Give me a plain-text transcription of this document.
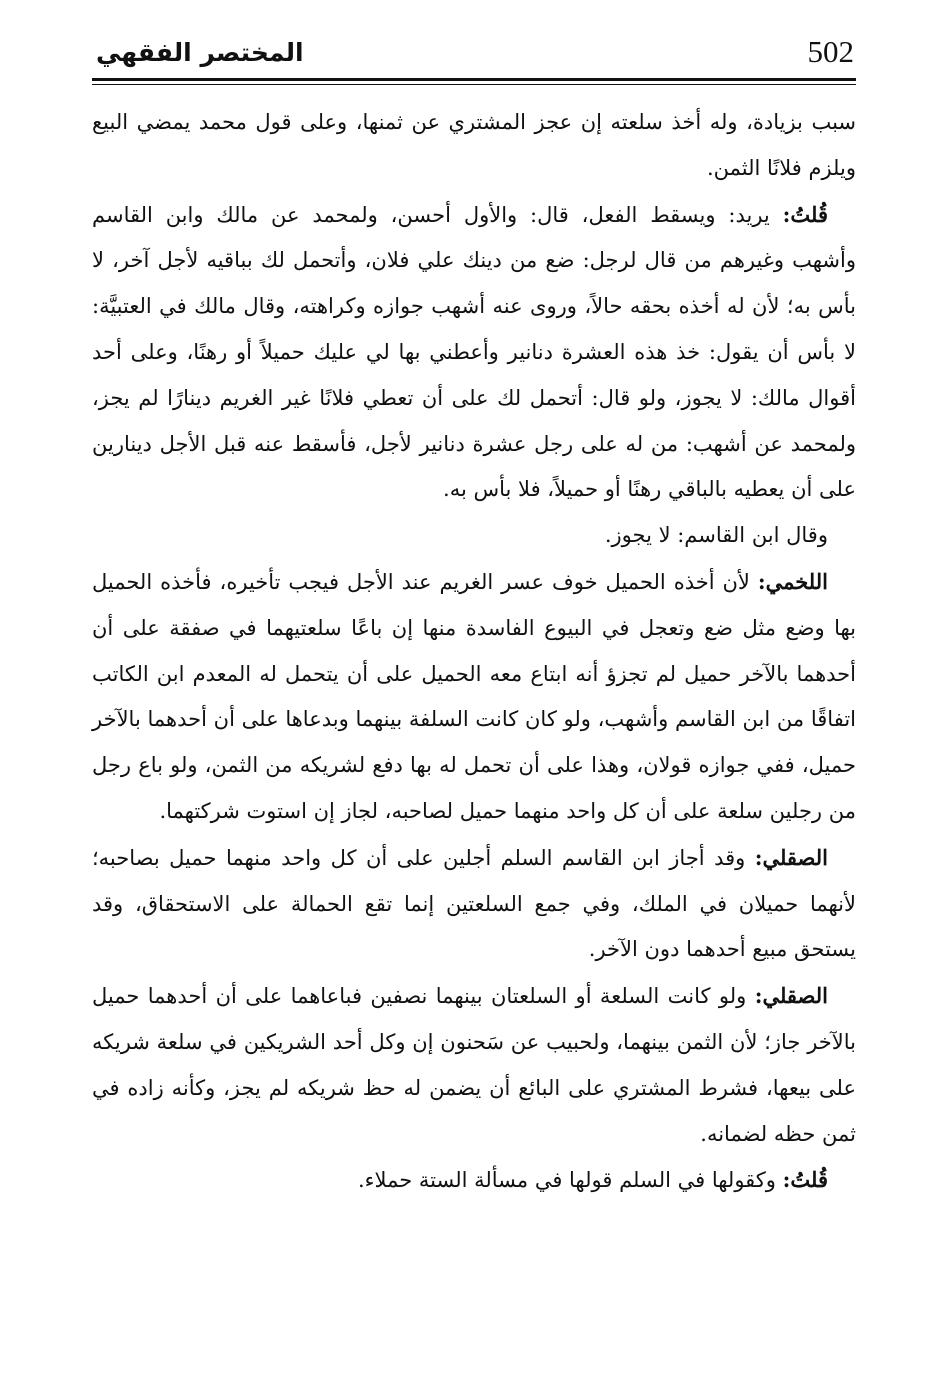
502
المختصر الفقهي

سبب بزيادة، وله أخذ سلعته إن عجز المشتري عن ثمنها، وعلى قول محمد يمضي البيع ويلزم فلانًا الثمن.

قُلتُ: يريد: ويسقط الفعل، قال: والأول أحسن، ولمحمد عن مالك وابن القاسم وأشهب وغيرهم من قال لرجل: ضع من دينك علي فلان، وأتحمل لك بباقيه لأجل آخر، لا بأس به؛ لأن له أخذه بحقه حالاً، وروى عنه أشهب جوازه وكراهته، وقال مالك في العتبيَّة: لا بأس أن يقول: خذ هذه العشرة دنانير وأعطني بها لي عليك حميلاً أو رهنًا، وعلى أحد أقوال مالك: لا يجوز، ولو قال: أتحمل لك على أن تعطي فلانًا غير الغريم دينارًا لم يجز، ولمحمد عن أشهب: من له على رجل عشرة دنانير لأجل، فأسقط عنه قبل الأجل دينارين على أن يعطيه بالباقي رهنًا أو حميلاً، فلا بأس به.

وقال ابن القاسم: لا يجوز.

اللخمي: لأن أخذه الحميل خوف عسر الغريم عند الأجل فيجب تأخيره، فأخذه الحميل بها وضع مثل ضع وتعجل في البيوع الفاسدة منها إن باعًا سلعتيهما في صفقة على أن أحدهما بالآخر حميل لم تجزؤ أنه ابتاع معه الحميل على أن يتحمل له المعدم ابن الكاتب اتفاقًا من ابن القاسم وأشهب، ولو كان كانت السلفة بينهما وبدعاها على أن أحدهما بالآخر حميل، ففي جوازه قولان، وهذا على أن تحمل له بها دفع لشريكه من الثمن، ولو باع رجل من رجلين سلعة على أن كل واحد منهما حميل لصاحبه، لجاز إن استوت شركتهما.

الصقلي: وقد أجاز ابن القاسم السلم أجلين على أن كل واحد منهما حميل بصاحبه؛ لأنهما حميلان في الملك، وفي جمع السلعتين إنما تقع الحمالة على الاستحقاق، وقد يستحق مبيع أحدهما دون الآخر.

الصقلي: ولو كانت السلعة أو السلعتان بينهما نصفين فباعاهما على أن أحدهما حميل بالآخر جاز؛ لأن الثمن بينهما، ولحبيب عن سَحنون إن وكل أحد الشريكين في سلعة شريكه على بيعها، فشرط المشتري على البائع أن يضمن له حظ شريكه لم يجز، وكأنه زاده في ثمن حظه لضمانه.

قُلتُ: وكقولها في السلم قولها في مسألة الستة حملاء.
